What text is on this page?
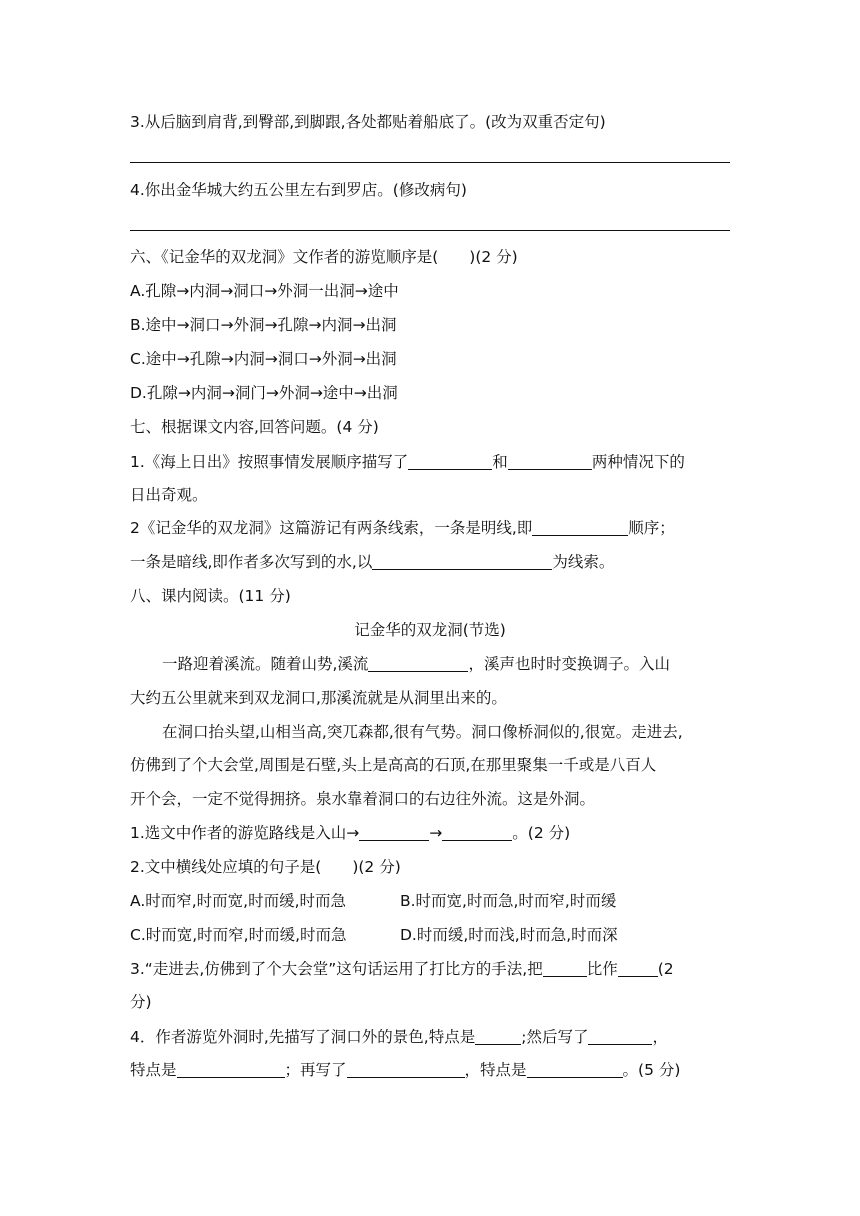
3.从后脑到肩背,到臀部,到脚跟,各处都贴着船底了。(改为双重否定句)
4.你出金华城大约五公里左右到罗店。(修改病句)
六、《记金华的双龙洞》文作者的游览顺序是(　　)(2 分)
A.孔隙→内洞→洞口→外洞一出洞→途中
B.途中→洞口→外洞→孔隙→内洞→出洞
C.途中→孔隙→内洞→洞口→外洞→出洞
D.孔隙→内洞→洞门→外洞→途中→出洞
七、根据课文内容,回答问题。(4 分)
1.《海上日出》按照事情发展顺序描写了	和	两种情况下的
日出奇观。
2《记金华的双龙洞》这篇游记有两条线索，一条是明线,即	顺序；
一条是暗线,即作者多次写到的水,以	为线索。
八、课内阅读。(11 分)
记金华的双龙洞(节选)
一路迎着溪流。随着山势,溪流	，溪声也时时变换调子。入山
大约五公里就来到双龙洞口,那溪流就是从洞里出来的。
在洞口抬头望,山相当高,突兀森都,很有气势。洞口像桥洞似的,很宽。走进去,
仿佛到了个大会堂,周围是石壁,头上是高高的石顶,在那里聚集一千或是八百人
开个会，一定不觉得拥挤。泉水靠着洞口的右边往外流。这是外洞。
1.选文中作者的游览路线是入山→	→	。(2 分)
2.文中横线处应填的句子是(　　)(2 分)
A.时而窄,时而宽,时而缓,时而急	B.时而宽,时而急,时而窄,时而缓
C.时而宽,时而窄,时而缓,时而急	D.时而缓,时而浅,时而急,时而深
3.“走进去,仿佛到了个大会堂”这句话运用了打比方的手法,把	比作	(2
分)
4．作者游览外洞时,先描写了洞口外的景色,特点是	;然后写了	，
特点是	；再写了	，特点是	。(5 分)
